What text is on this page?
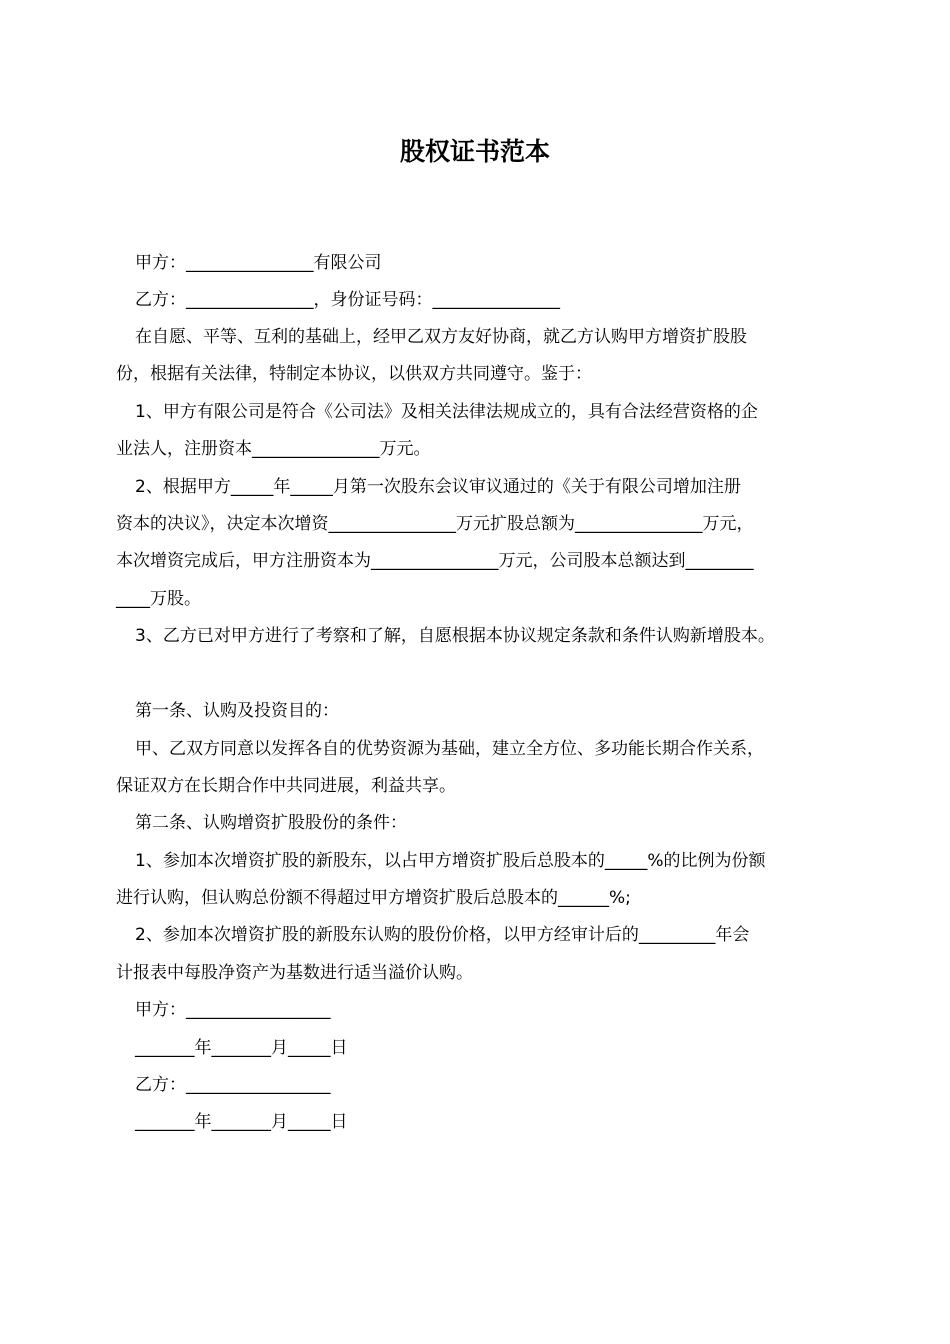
股权证书范本
甲方：_______________有限公司
乙方：_______________，身份证号码：_______________
在自愿、平等、互利的基础上，经甲乙双方友好协商，就乙方认购甲方增资扩股股
份，根据有关法律，特制定本协议，以供双方共同遵守。鉴于：
1、甲方有限公司是符合《公司法》及相关法律法规成立的，具有合法经营资格的企
业法人，注册资本_______________万元。
2、根据甲方_____年_____月第一次股东会议审议通过的《关于有限公司增加注册
资本的决议》，决定本次增资_______________万元扩股总额为_______________万元，
本次增资完成后，甲方注册资本为_______________万元，公司股本总额达到________
____万股。
3、乙方已对甲方进行了考察和了解，自愿根据本协议规定条款和条件认购新增股本。
第一条、认购及投资目的：
甲、乙双方同意以发挥各自的优势资源为基础，建立全方位、多功能长期合作关系，
保证双方在长期合作中共同进展，利益共享。
第二条、认购增资扩股股份的条件：
1、参加本次增资扩股的新股东，以占甲方增资扩股后总股本的_____%的比例为份额
进行认购，但认购总份额不得超过甲方增资扩股后总股本的______%;
2、参加本次增资扩股的新股东认购的股份价格，以甲方经审计后的_________年会
计报表中每股净资产为基数进行适当溢价认购。
甲方：_________________
_______年_______月_____日
乙方：_________________
_______年_______月_____日
